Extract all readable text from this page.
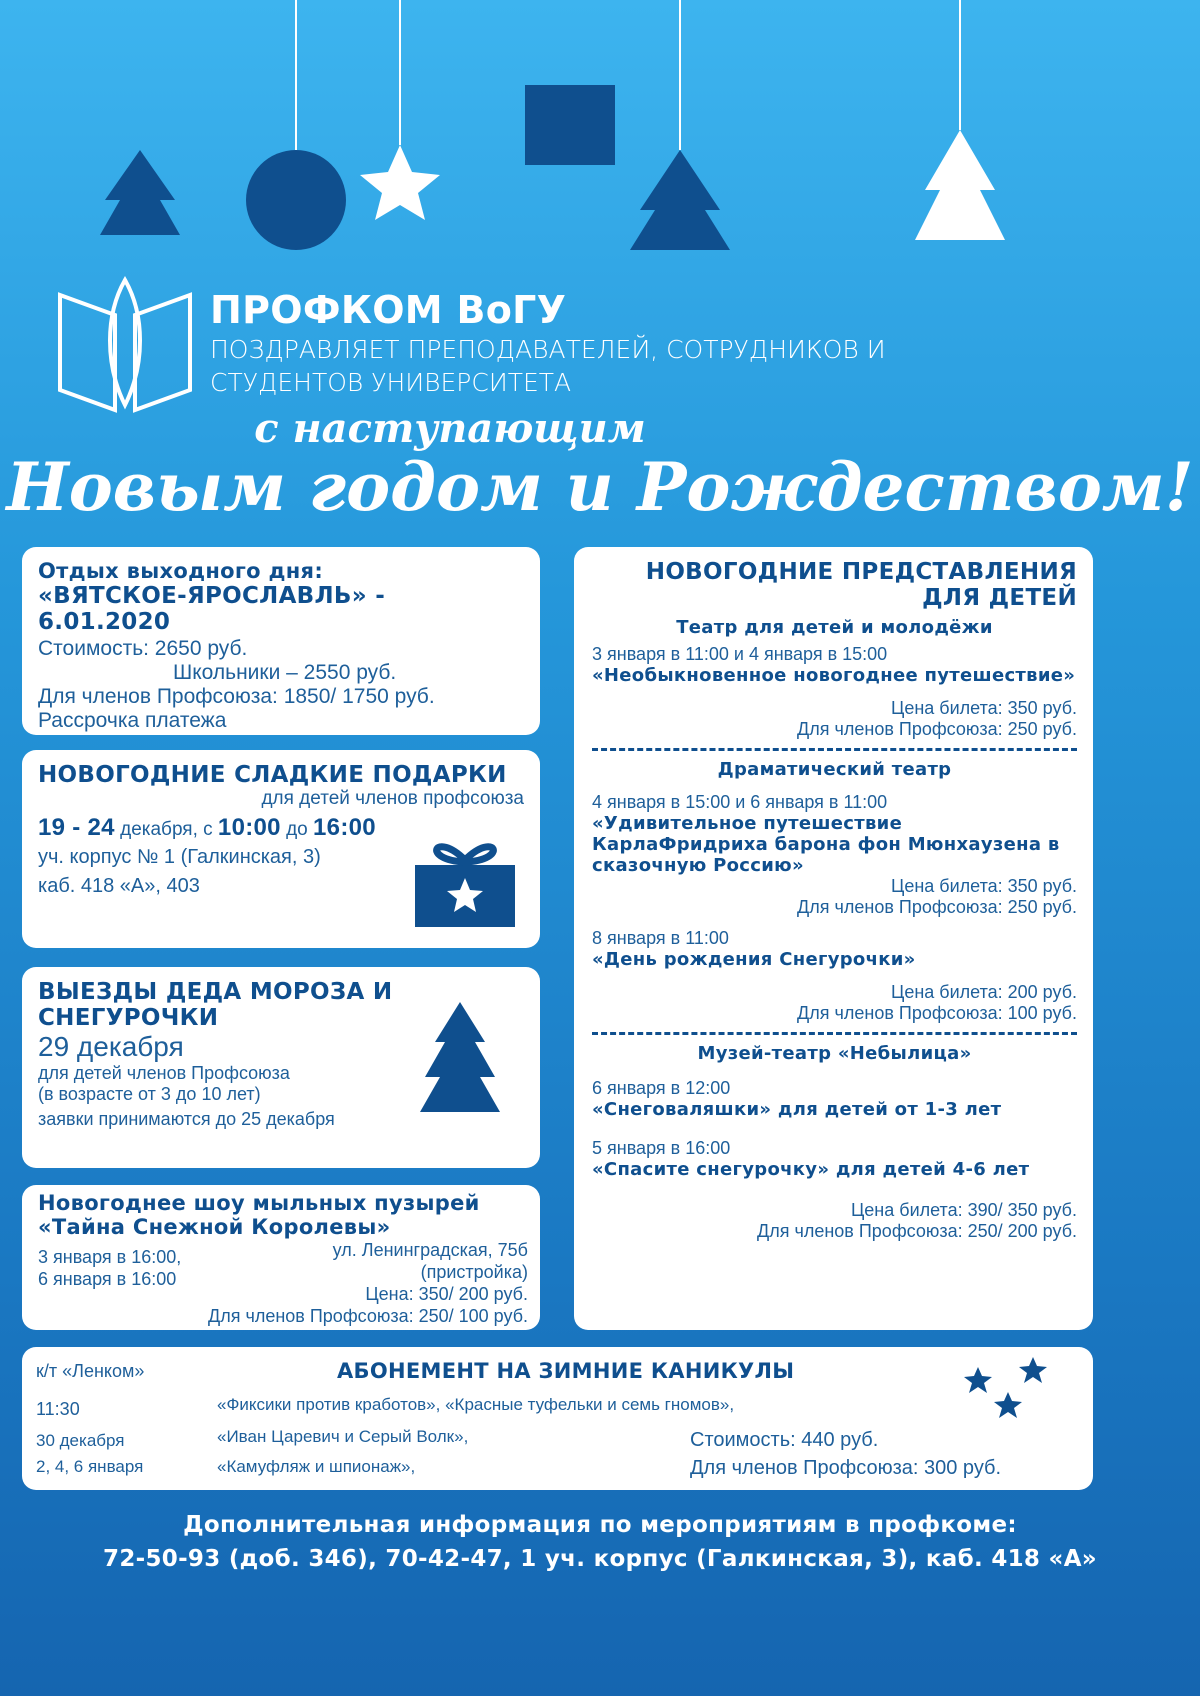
ПРОФКОМ ВоГУ
ПОЗДРАВЛЯЕТ ПРЕПОДАВАТЕЛЕЙ, СОТРУДНИКОВ И
СТУДЕНТОВ УНИВЕРСИТЕТА
с наступающим
Новым годом и Рождеством!
Отдых выходного дня:
«ВЯТСКОЕ-ЯРОСЛАВЛЬ» - 6.01.2020
Стоимость: 2650 руб.
Школьники – 2550 руб.
Для членов Профсоюза: 1850/ 1750 руб.
Рассрочка платежа
НОВОГОДНИЕ СЛАДКИЕ ПОДАРКИ
для детей членов профсоюза
19 - 24 декабря, с 10:00 до 16:00
уч. корпус № 1 (Галкинская, 3)
каб. 418 «А», 403
ВЫЕЗДЫ ДЕДА МОРОЗА И
СНЕГУРОЧКИ
29 декабря
для детей членов Профсоюза
(в возрасте от 3 до 10 лет)
заявки принимаются до 25 декабря
Новогоднее шоу мыльных пузырей
«Тайна Снежной Королевы»
3 января в 16:00,
6 января в 16:00
ул. Ленинградская, 75б
(пристройка)
Цена: 350/ 200 руб.
Для членов Профсоюза: 250/ 100 руб.
НОВОГОДНИЕ ПРЕДСТАВЛЕНИЯ
ДЛЯ ДЕТЕЙ
Театр для детей и молодёжи
3 января в 11:00 и 4 января в 15:00
«Необыкновенное новогоднее путешествие»
Цена билета: 350 руб.
Для членов Профсоюза: 250 руб.
Драматический театр
4 января в 15:00 и 6 января в 11:00
«Удивительное путешествие КарлаФридриха барона фон Мюнхаузена в сказочную Россию»
Цена билета: 350 руб.
Для членов Профсоюза: 250 руб.
8 января в 11:00
«День рождения Снегурочки»
Цена билета: 200 руб.
Для членов Профсоюза: 100 руб.
Музей-театр «Небылица»
6 января в 12:00
«Снеговаляшки» для детей от 1-3 лет
5 января в 16:00
«Спасите снегурочку» для детей 4-6 лет
Цена билета: 390/ 350 руб.
Для членов Профсоюза: 250/ 200 руб.
к/т «Ленком»
11:30
30 декабря
2, 4, 6 января
АБОНЕМЕНТ НА ЗИМНИЕ КАНИКУЛЫ
«Фиксики против кработов», «Красные туфельки и семь гномов»,
«Иван Царевич и Серый Волк»,
«Камуфляж и шпионаж»,
Стоимость: 440 руб.
Для членов Профсоюза: 300 руб.
Дополнительная информация по мероприятиям в профкоме:
72-50-93 (доб. 346), 70-42-47, 1 уч. корпус (Галкинская, 3), каб. 418 «А»
